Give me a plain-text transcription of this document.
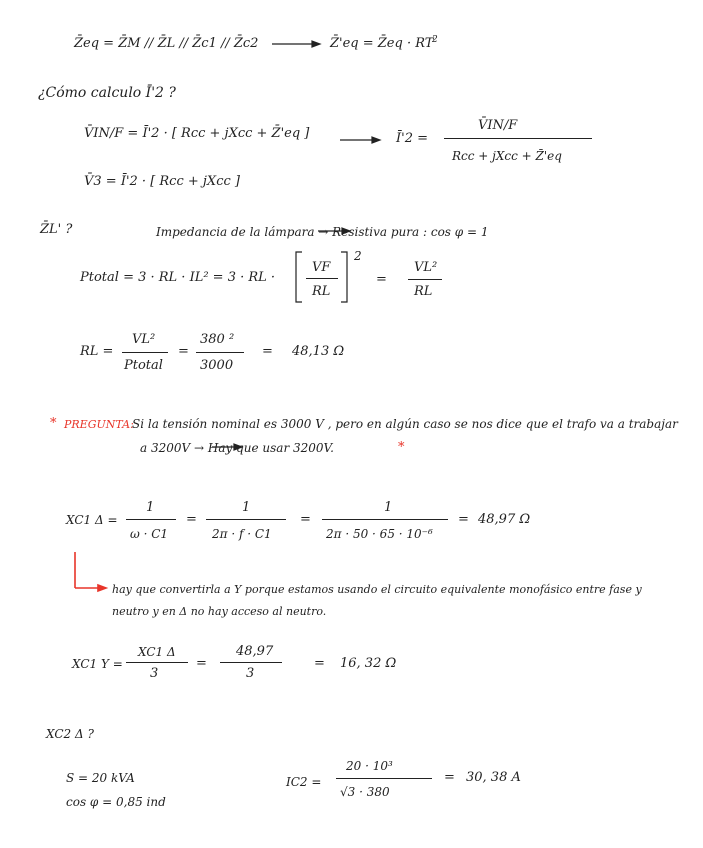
Z̄eq = Z̄M // Z̄L // Z̄c1 // Z̄c2	Z̄'eq = Z̄eq · RT
2
¿Cómo calculo Ī'2 ?
V̄IN/F = Ī'2 · [ Rcc + jXcc + Z̄'eq ]	Ī'2 =
V̄IN/F
Rcc + jXcc + Z̄'eq
V̄3 = Ī'2 · [ Rcc + jXcc ]
Z̄L' ?	Impedancia de la lámpara → Resistiva pura : cos φ = 1
Ptotal = 3 · RL · IL² = 3 · RL ·
VF
RL
2
=
VL²
RL
RL =
VL²
Ptotal
=
380 ²
3000
= 48,13 Ω
* PREGUNTA:
Si la tensión nominal es 3000 V , pero en algún caso se nos dice que el trafo va a trabajar
a 3200V → Hay que usar 3200V.	*
XC1 Δ =
1
ω · C1
=
1
2π · f · C1
=
1
2π · 50 · 65 · 10⁻⁶
= 48,97 Ω
hay que convertirla a Y porque estamos usando el circuito equivalente monofásico entre fase y
neutro y en Δ no hay acceso al neutro.
XC1 Y =
XC1 Δ
3
=
48,97
3
= 16, 32 Ω
XC2 Δ ?
S = 20 kVA
cos φ = 0,85 ind
IC2 =
20 · 10³
√3 · 380
= 30, 38 A
